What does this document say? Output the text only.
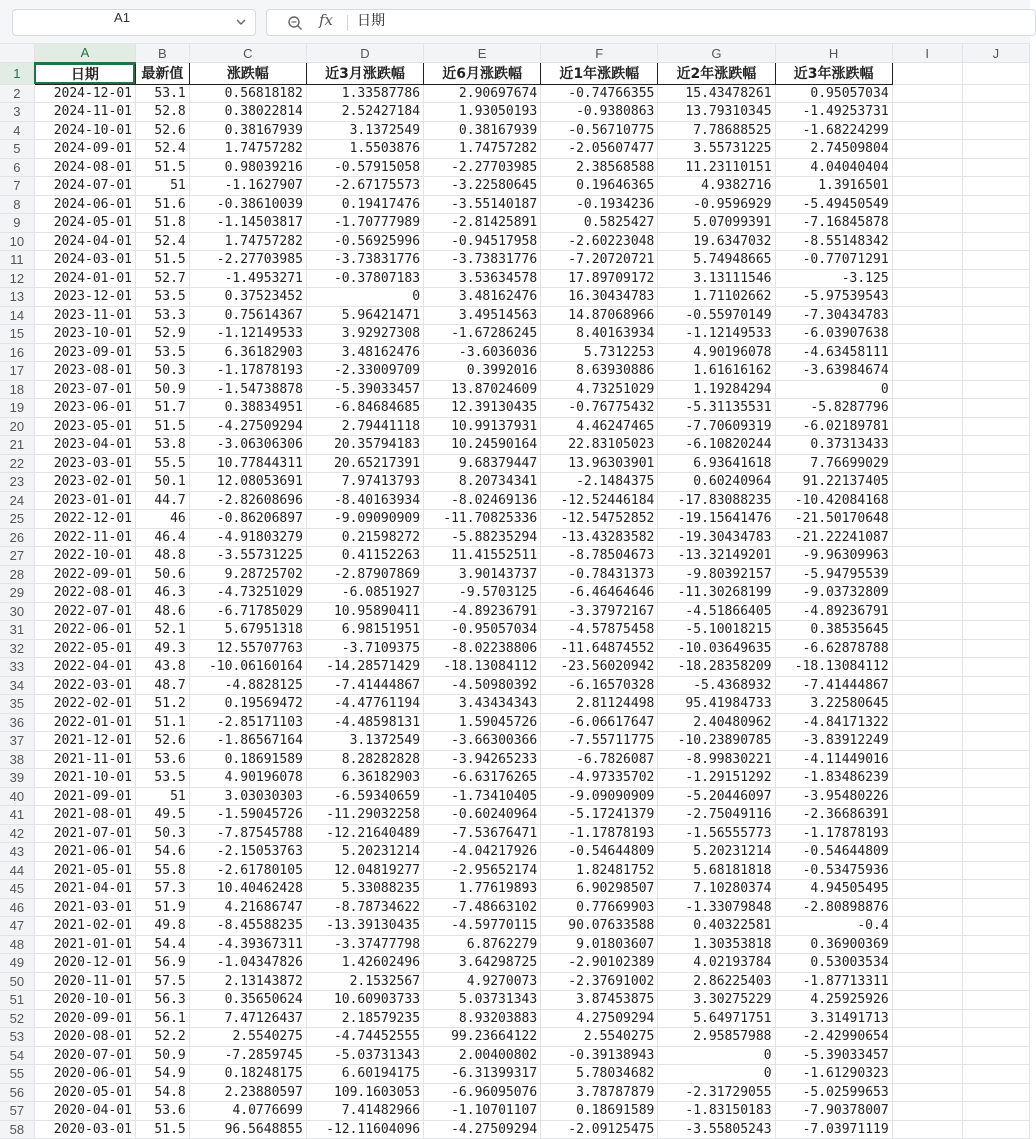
A1	fx 日期
	A	B	C	D	E	F	G	H	I	J
1	日期	最新值	涨跌幅	近3月涨跌幅	近6月涨跌幅	近1年涨跌幅	近2年涨跌幅	近3年涨跌幅		
2	2024-12-01	53.1	0.56818182	1.33587786	2.90697674	-0.74766355	15.43478261	0.95057034		
3	2024-11-01	52.8	0.38022814	2.52427184	1.93050193	-0.9380863	13.79310345	-1.49253731		
4	2024-10-01	52.6	0.38167939	3.1372549	0.38167939	-0.56710775	7.78688525	-1.68224299		
5	2024-09-01	52.4	1.74757282	1.5503876	1.74757282	-2.05607477	3.55731225	2.74509804		
6	2024-08-01	51.5	0.98039216	-0.57915058	-2.27703985	2.38568588	11.23110151	4.04040404		
7	2024-07-01	51	-1.1627907	-2.67175573	-3.22580645	0.19646365	4.9382716	1.3916501		
8	2024-06-01	51.6	-0.38610039	0.19417476	-3.55140187	-0.1934236	-0.9596929	-5.49450549		
9	2024-05-01	51.8	-1.14503817	-1.70777989	-2.81425891	0.5825427	5.07099391	-7.16845878		
10	2024-04-01	52.4	1.74757282	-0.56925996	-0.94517958	-2.60223048	19.6347032	-8.55148342		
11	2024-03-01	51.5	-2.27703985	-3.73831776	-3.73831776	-7.20720721	5.74948665	-0.77071291		
12	2024-01-01	52.7	-1.4953271	-0.37807183	3.53634578	17.89709172	3.13111546	-3.125		
13	2023-12-01	53.5	0.37523452	0	3.48162476	16.30434783	1.71102662	-5.97539543		
14	2023-11-01	53.3	0.75614367	5.96421471	3.49514563	14.87068966	-0.55970149	-7.30434783		
15	2023-10-01	52.9	-1.12149533	3.92927308	-1.67286245	8.40163934	-1.12149533	-6.03907638		
16	2023-09-01	53.5	6.36182903	3.48162476	-3.6036036	5.7312253	4.90196078	-4.63458111		
17	2023-08-01	50.3	-1.17878193	-2.33009709	0.3992016	8.63930886	1.61616162	-3.63984674		
18	2023-07-01	50.9	-1.54738878	-5.39033457	13.87024609	4.73251029	1.19284294	0		
19	2023-06-01	51.7	0.38834951	-6.84684685	12.39130435	-0.76775432	-5.31135531	-5.8287796		
20	2023-05-01	51.5	-4.27509294	2.79441118	10.99137931	4.46247465	-7.70609319	-6.02189781		
21	2023-04-01	53.8	-3.06306306	20.35794183	10.24590164	22.83105023	-6.10820244	0.37313433		
22	2023-03-01	55.5	10.77844311	20.65217391	9.68379447	13.96303901	6.93641618	7.76699029		
23	2023-02-01	50.1	12.08053691	7.97413793	8.20734341	-2.1484375	0.60240964	91.22137405		
24	2023-01-01	44.7	-2.82608696	-8.40163934	-8.02469136	-12.52446184	-17.83088235	-10.42084168		
25	2022-12-01	46	-0.86206897	-9.09090909	-11.70825336	-12.54752852	-19.15641476	-21.50170648		
26	2022-11-01	46.4	-4.91803279	0.21598272	-5.88235294	-13.43283582	-19.30434783	-21.22241087		
27	2022-10-01	48.8	-3.55731225	0.41152263	11.41552511	-8.78504673	-13.32149201	-9.96309963		
28	2022-09-01	50.6	9.28725702	-2.87907869	3.90143737	-0.78431373	-9.80392157	-5.94795539		
29	2022-08-01	46.3	-4.73251029	-6.0851927	-9.5703125	-6.46464646	-11.30268199	-9.03732809		
30	2022-07-01	48.6	-6.71785029	10.95890411	-4.89236791	-3.37972167	-4.51866405	-4.89236791		
31	2022-06-01	52.1	5.67951318	6.98151951	-0.95057034	-4.57875458	-5.10018215	0.38535645		
32	2022-05-01	49.3	12.55707763	-3.7109375	-8.02238806	-11.64874552	-10.03649635	-6.62878788		
33	2022-04-01	43.8	-10.06160164	-14.28571429	-18.13084112	-23.56020942	-18.28358209	-18.13084112		
34	2022-03-01	48.7	-4.8828125	-7.41444867	-4.50980392	-6.16570328	-5.4368932	-7.41444867		
35	2022-02-01	51.2	0.19569472	-4.47761194	3.43434343	2.81124498	95.41984733	3.22580645		
36	2022-01-01	51.1	-2.85171103	-4.48598131	1.59045726	-6.06617647	2.40480962	-4.84171322		
37	2021-12-01	52.6	-1.86567164	3.1372549	-3.66300366	-7.55711775	-10.23890785	-3.83912249		
38	2021-11-01	53.6	0.18691589	8.28282828	-3.94265233	-6.7826087	-8.99830221	-4.11449016		
39	2021-10-01	53.5	4.90196078	6.36182903	-6.63176265	-4.97335702	-1.29151292	-1.83486239		
40	2021-09-01	51	3.03030303	-6.59340659	-1.73410405	-9.09090909	-5.20446097	-3.95480226		
41	2021-08-01	49.5	-1.59045726	-11.29032258	-0.60240964	-5.17241379	-2.75049116	-2.36686391		
42	2021-07-01	50.3	-7.87545788	-12.21640489	-7.53676471	-1.17878193	-1.56555773	-1.17878193		
43	2021-06-01	54.6	-2.15053763	5.20231214	-4.04217926	-0.54644809	5.20231214	-0.54644809		
44	2021-05-01	55.8	-2.61780105	12.04819277	-2.95652174	1.82481752	5.68181818	-0.53475936		
45	2021-04-01	57.3	10.40462428	5.33088235	1.77619893	6.90298507	7.10280374	4.94505495		
46	2021-03-01	51.9	4.21686747	-8.78734622	-7.48663102	0.77669903	-1.33079848	-2.80898876		
47	2021-02-01	49.8	-8.45588235	-13.39130435	-4.59770115	90.07633588	0.40322581	-0.4		
48	2021-01-01	54.4	-4.39367311	-3.37477798	6.8762279	9.01803607	1.30353818	0.36900369		
49	2020-12-01	56.9	-1.04347826	1.42602496	3.64298725	-2.90102389	4.02193784	0.53003534		
50	2020-11-01	57.5	2.13143872	2.1532567	4.9270073	-2.37691002	2.86225403	-1.87713311		
51	2020-10-01	56.3	0.35650624	10.60903733	5.03731343	3.87453875	3.30275229	4.25925926		
52	2020-09-01	56.1	7.47126437	2.18579235	8.93203883	4.27509294	5.64971751	3.31491713		
53	2020-08-01	52.2	2.5540275	-4.74452555	99.23664122	2.5540275	2.95857988	-2.42990654		
54	2020-07-01	50.9	-7.2859745	-5.03731343	2.00400802	-0.39138943	0	-5.39033457		
55	2020-06-01	54.9	0.18248175	6.60194175	-6.31399317	5.78034682	0	-1.61290323		
56	2020-05-01	54.8	2.23880597	109.1603053	-6.96095076	3.78787879	-2.31729055	-5.02599653		
57	2020-04-01	53.6	4.0776699	7.41482966	-1.10701107	0.18691589	-1.83150183	-7.90378007		
58	2020-03-01	51.5	96.5648855	-12.11604096	-4.27509294	-2.09125475	-3.55805243	-7.03971119		
